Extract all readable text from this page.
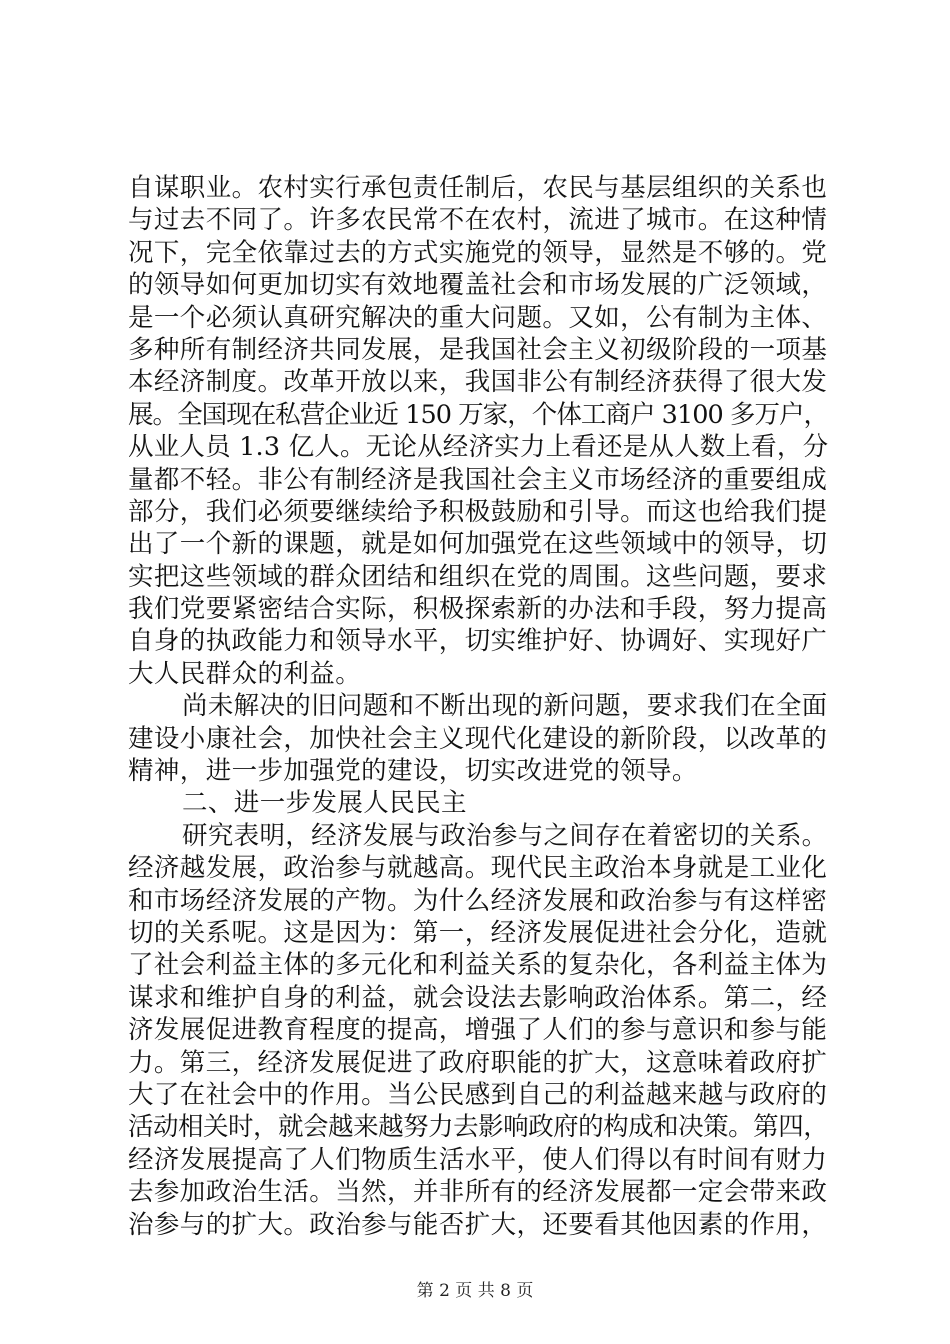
自谋职业。农村实行承包责任制后，农民与基层组织的关系也
与过去不同了。许多农民常不在农村，流进了城市。在这种情
况下，完全依靠过去的方式实施党的领导，显然是不够的。党
的领导如何更加切实有效地覆盖社会和市场发展的广泛领域，
是一个必须认真研究解决的重大问题。又如，公有制为主体、
多种所有制经济共同发展，是我国社会主义初级阶段的一项基
本经济制度。改革开放以来，我国非公有制经济获得了很大发
展。全国现在私营企业近 150 万家，个体工商户 3100 多万户，
从业人员 1.3 亿人。无论从经济实力上看还是从人数上看，分
量都不轻。非公有制经济是我国社会主义市场经济的重要组成
部分，我们必须要继续给予积极鼓励和引导。而这也给我们提
出了一个新的课题，就是如何加强党在这些领域中的领导，切
实把这些领域的群众团结和组织在党的周围。这些问题，要求
我们党要紧密结合实际，积极探索新的办法和手段，努力提高
自身的执政能力和领导水平，切实维护好、协调好、实现好广
大人民群众的利益。
尚未解决的旧问题和不断出现的新问题，要求我们在全面
建设小康社会，加快社会主义现代化建设的新阶段，以改革的
精神，进一步加强党的建设，切实改进党的领导。
二、进一步发展人民民主
研究表明，经济发展与政治参与之间存在着密切的关系。
经济越发展，政治参与就越高。现代民主政治本身就是工业化
和市场经济发展的产物。为什么经济发展和政治参与有这样密
切的关系呢。这是因为：第一，经济发展促进社会分化，造就
了社会利益主体的多元化和利益关系的复杂化，各利益主体为
谋求和维护自身的利益，就会设法去影响政治体系。第二，经
济发展促进教育程度的提高，增强了人们的参与意识和参与能
力。第三，经济发展促进了政府职能的扩大，这意味着政府扩
大了在社会中的作用。当公民感到自己的利益越来越与政府的
活动相关时，就会越来越努力去影响政府的构成和决策。第四，
经济发展提高了人们物质生活水平，使人们得以有时间有财力
去参加政治生活。当然，并非所有的经济发展都一定会带来政
治参与的扩大。政治参与能否扩大，还要看其他因素的作用，
第 2 页 共 8 页
